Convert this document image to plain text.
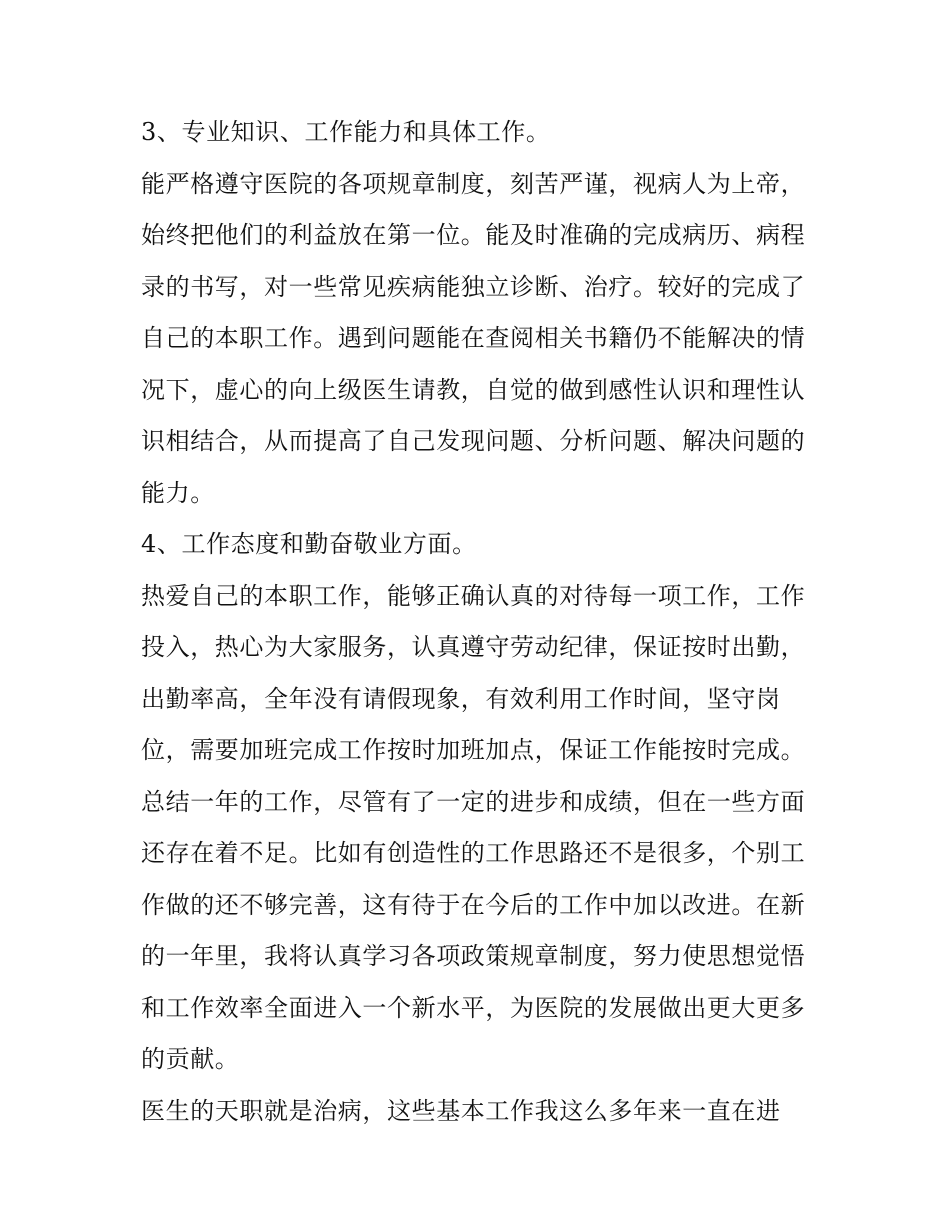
3、专业知识、工作能力和具体工作。
能严格遵守医院的各项规章制度，刻苦严谨，视病人为上帝，
始终把他们的利益放在第一位。能及时准确的完成病历、病程
录的书写，对一些常见疾病能独立诊断、治疗。较好的完成了
自己的本职工作。遇到问题能在查阅相关书籍仍不能解决的情
况下，虚心的向上级医生请教，自觉的做到感性认识和理性认
识相结合，从而提高了自己发现问题、分析问题、解决问题的
能力。
4、工作态度和勤奋敬业方面。
热爱自己的本职工作，能够正确认真的对待每一项工作，工作
投入，热心为大家服务，认真遵守劳动纪律，保证按时出勤，
出勤率高，全年没有请假现象，有效利用工作时间，坚守岗
位，需要加班完成工作按时加班加点，保证工作能按时完成。
总结一年的工作，尽管有了一定的进步和成绩，但在一些方面
还存在着不足。比如有创造性的工作思路还不是很多，个别工
作做的还不够完善，这有待于在今后的工作中加以改进。在新
的一年里，我将认真学习各项政策规章制度，努力使思想觉悟
和工作效率全面进入一个新水平，为医院的发展做出更大更多
的贡献。
医生的天职就是治病，这些基本工作我这么多年来一直在进
